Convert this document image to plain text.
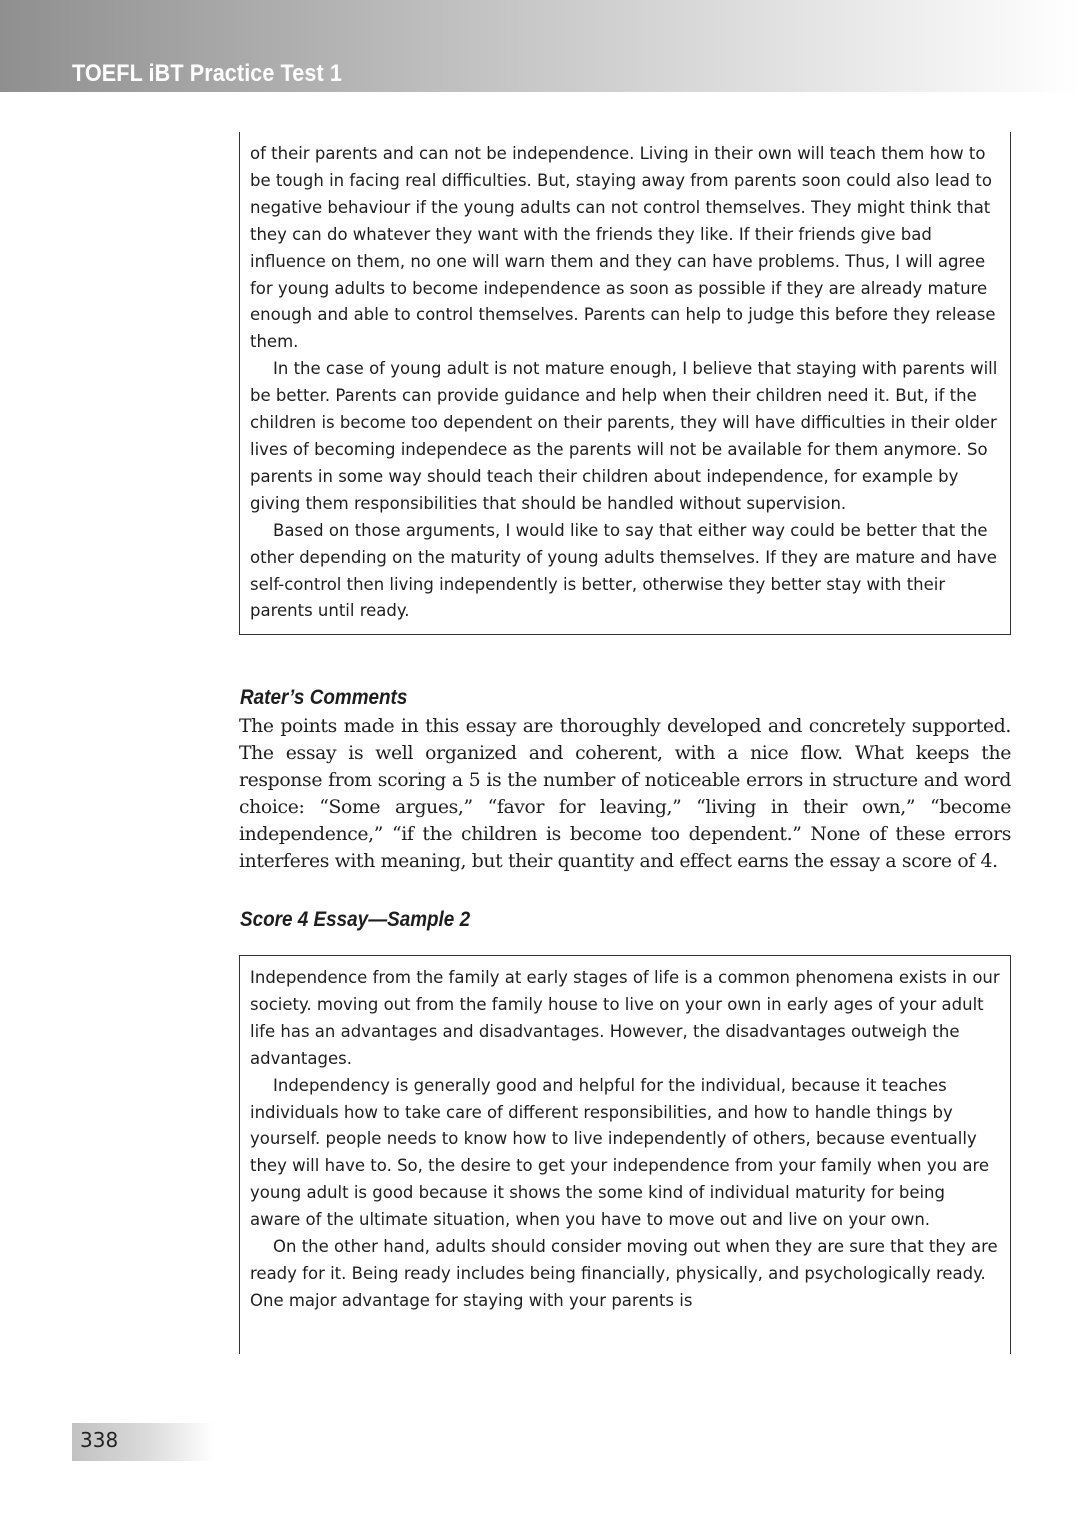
TOEFL iBT Practice Test 1

of their parents and can not be independence. Living in their own will teach them how to be tough in facing real difficulties. But, staying away from parents soon could also lead to negative behaviour if the young adults can not control themselves. They might think that they can do whatever they want with the friends they like. If their friends give bad influence on them, no one will warn them and they can have problems. Thus, I will agree for young adults to become independence as soon as possible if they are already mature enough and able to control themselves. Parents can help to judge this before they release them.

In the case of young adult is not mature enough, I believe that staying with parents will be better. Parents can provide guidance and help when their children need it. But, if the children is become too dependent on their parents, they will have difficulties in their older lives of becoming independece as the parents will not be available for them anymore. So parents in some way should teach their children about independence, for example by giving them responsibilities that should be handled without supervision.

Based on those arguments, I would like to say that either way could be better that the other depending on the maturity of young adults themselves. If they are mature and have self-control then living independently is better, otherwise they better stay with their parents until ready.

Rater’s Comments
The points made in this essay are thoroughly developed and concretely supported. The essay is well organized and coherent, with a nice flow. What keeps the response from scoring a 5 is the number of noticeable errors in structure and word choice: “Some argues,” “favor for leaving,” “living in their own,” “become independence,” “if the children is become too dependent.” None of these errors interferes with meaning, but their quantity and effect earns the essay a score of 4.
Score 4 Essay—Sample 2

Independence from the family at early stages of life is a common phenomena exists in our society. moving out from the family house to live on your own in early ages of your adult life has an advantages and disadvantages. However, the disadvantages outweigh the advantages.

Independency is generally good and helpful for the individual, because it teaches individuals how to take care of different responsibilities, and how to handle things by yourself. people needs to know how to live independently of others, because eventually they will have to. So, the desire to get your independence from your family when you are young adult is good because it shows the some kind of individual maturity for being aware of the ultimate situation, when you have to move out and live on your own.

On the other hand, adults should consider moving out when they are sure that they are ready for it. Being ready includes being financially, physically, and psychologically ready. One major advantage for staying with your parents is

338
